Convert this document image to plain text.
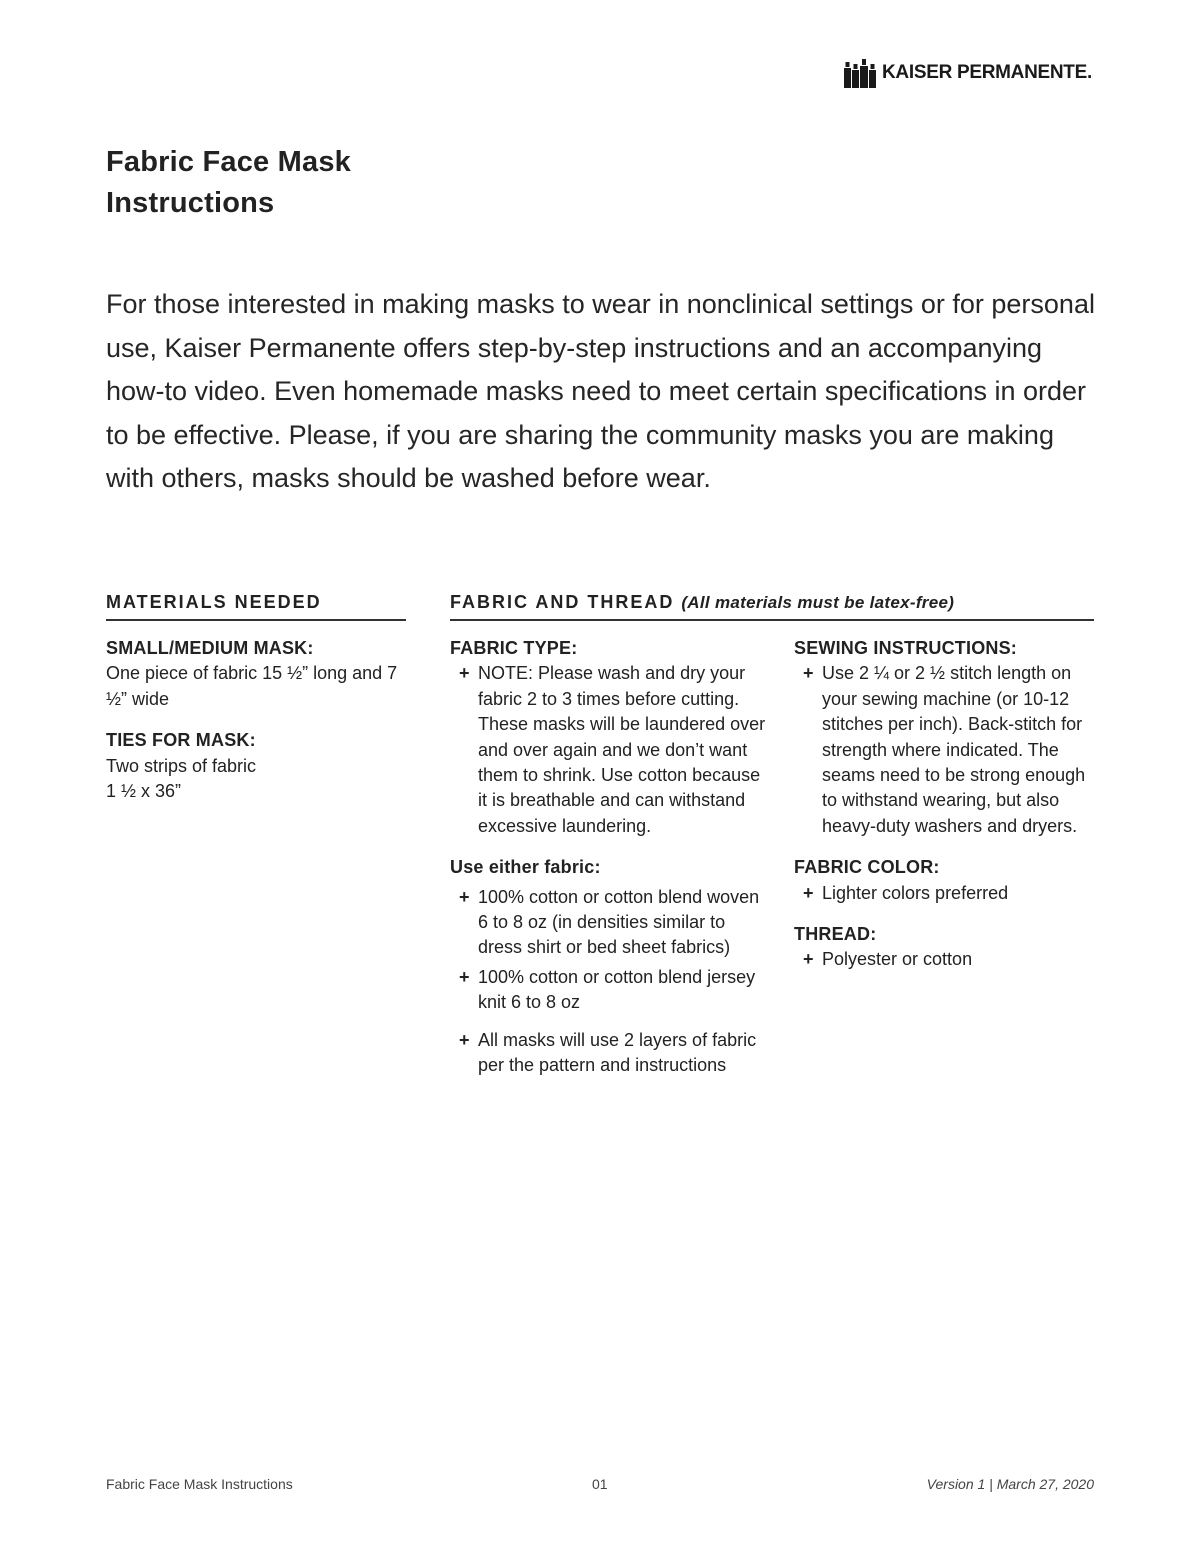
KAISER PERMANENTE.
Fabric Face Mask
Instructions

For those interested in making masks to wear in nonclinical settings or for personal use, Kaiser Permanente offers step-by-step instructions and an accompanying how-to video. Even homemade masks need to meet certain specifications in order to be effective. Please, if you are sharing the community masks you are making with others, masks should be washed before wear.

MATERIALS NEEDED	FABRIC AND THREAD (All materials must be latex-free)

SMALL/MEDIUM MASK:

One piece of fabric 15 ½” long and 7 ½” wide

TIES FOR MASK:

Two strips of fabric

1 ½ x 36”

FABRIC TYPE:

+ NOTE: Please wash and dry your fabric 2 to 3 times before cutting. These masks will be laundered over and over again and we don’t want them to shrink. Use cotton because it is breathable and can withstand excessive laundering.

Use either fabric:

+ 100% cotton or cotton blend woven 6 to 8 oz (in densities similar to dress shirt or bed sheet fabrics)
+ 100% cotton or cotton blend jersey knit 6 to 8 oz
+ All masks will use 2 layers of fabric per the pattern and instructions

SEWING INSTRUCTIONS:

+ Use 2 ¼ or 2 ½ stitch length on your sewing machine (or 10-12 stitches per inch). Back-stitch for strength where indicated. The seams need to be strong enough to withstand wearing, but also heavy-duty washers and dryers.

FABRIC COLOR:

+ Lighter colors preferred

THREAD:

+ Polyester or cotton
Fabric Face Mask Instructions	01	Version 1 | March 27, 2020
